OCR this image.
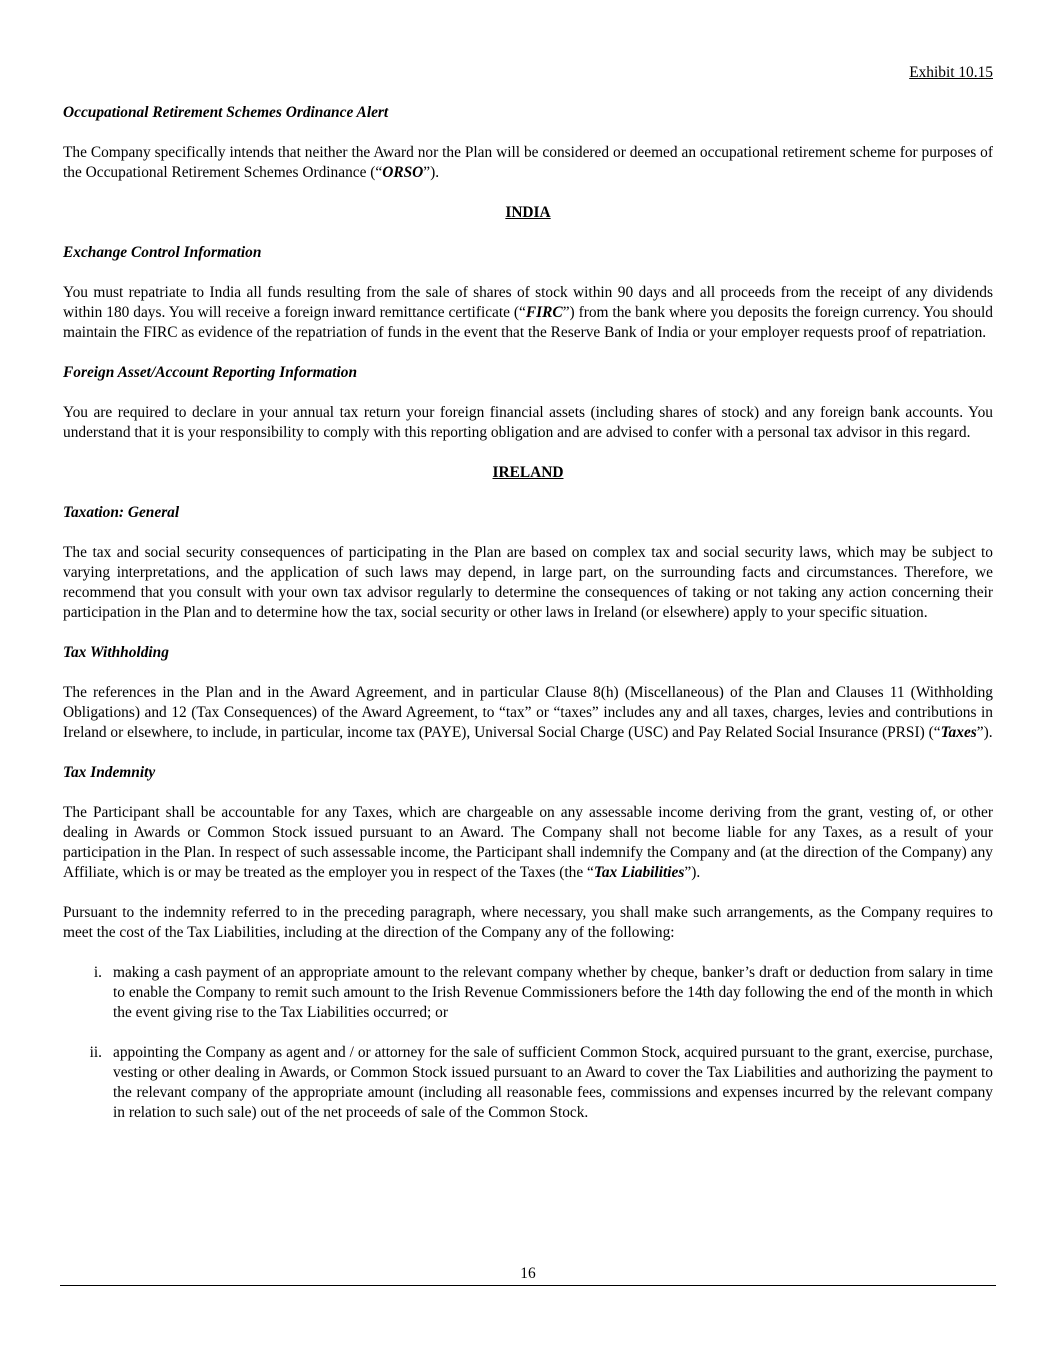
Exhibit 10.15
Occupational Retirement Schemes Ordinance Alert

The Company specifically intends that neither the Award nor the Plan will be considered or deemed an occupational retirement scheme for purposes of the Occupational Retirement Schemes Ordinance (“ORSO”).

INDIA
Exchange Control Information

You must repatriate to India all funds resulting from the sale of shares of stock within 90 days and all proceeds from the receipt of any dividends within 180 days. You will receive a foreign inward remittance certificate (“FIRC”) from the bank where you deposits the foreign currency. You should maintain the FIRC as evidence of the repatriation of funds in the event that the Reserve Bank of India or your employer requests proof of repatriation.

Foreign Asset/Account Reporting Information

You are required to declare in your annual tax return your foreign financial assets (including shares of stock) and any foreign bank accounts. You understand that it is your responsibility to comply with this reporting obligation and are advised to confer with a personal tax advisor in this regard.

IRELAND
Taxation: General

The tax and social security consequences of participating in the Plan are based on complex tax and social security laws, which may be subject to varying interpretations, and the application of such laws may depend, in large part, on the surrounding facts and circumstances. Therefore, we recommend that you consult with your own tax advisor regularly to determine the consequences of taking or not taking any action concerning their participation in the Plan and to determine how the tax, social security or other laws in Ireland (or elsewhere) apply to your specific situation.

Tax Withholding

The references in the Plan and in the Award Agreement, and in particular Clause 8(h) (Miscellaneous) of the Plan and Clauses 11 (Withholding Obligations) and 12 (Tax Consequences) of the Award Agreement, to “tax” or “taxes” includes any and all taxes, charges, levies and contributions in Ireland or elsewhere, to include, in particular, income tax (PAYE), Universal Social Charge (USC) and Pay Related Social Insurance (PRSI) (“Taxes”).

Tax Indemnity

The Participant shall be accountable for any Taxes, which are chargeable on any assessable income deriving from the grant, vesting of, or other dealing in Awards or Common Stock issued pursuant to an Award. The Company shall not become liable for any Taxes, as a result of your participation in the Plan. In respect of such assessable income, the Participant shall indemnify the Company and (at the direction of the Company) any Affiliate, which is or may be treated as the employer you in respect of the Taxes (the “Tax Liabilities”).

Pursuant to the indemnity referred to in the preceding paragraph, where necessary, you shall make such arrangements, as the Company requires to meet the cost of the Tax Liabilities, including at the direction of the Company any of the following:

i. making a cash payment of an appropriate amount to the relevant company whether by cheque, banker’s draft or deduction from salary in time to enable the Company to remit such amount to the Irish Revenue Commissioners before the 14th day following the end of the month in which the event giving rise to the Tax Liabilities occurred; or
ii. appointing the Company as agent and / or attorney for the sale of sufficient Common Stock, acquired pursuant to the grant, exercise, purchase, vesting or other dealing in Awards, or Common Stock issued pursuant to an Award to cover the Tax Liabilities and authorizing the payment to the relevant company of the appropriate amount (including all reasonable fees, commissions and expenses incurred by the relevant company in relation to such sale) out of the net proceeds of sale of the Common Stock.
16
